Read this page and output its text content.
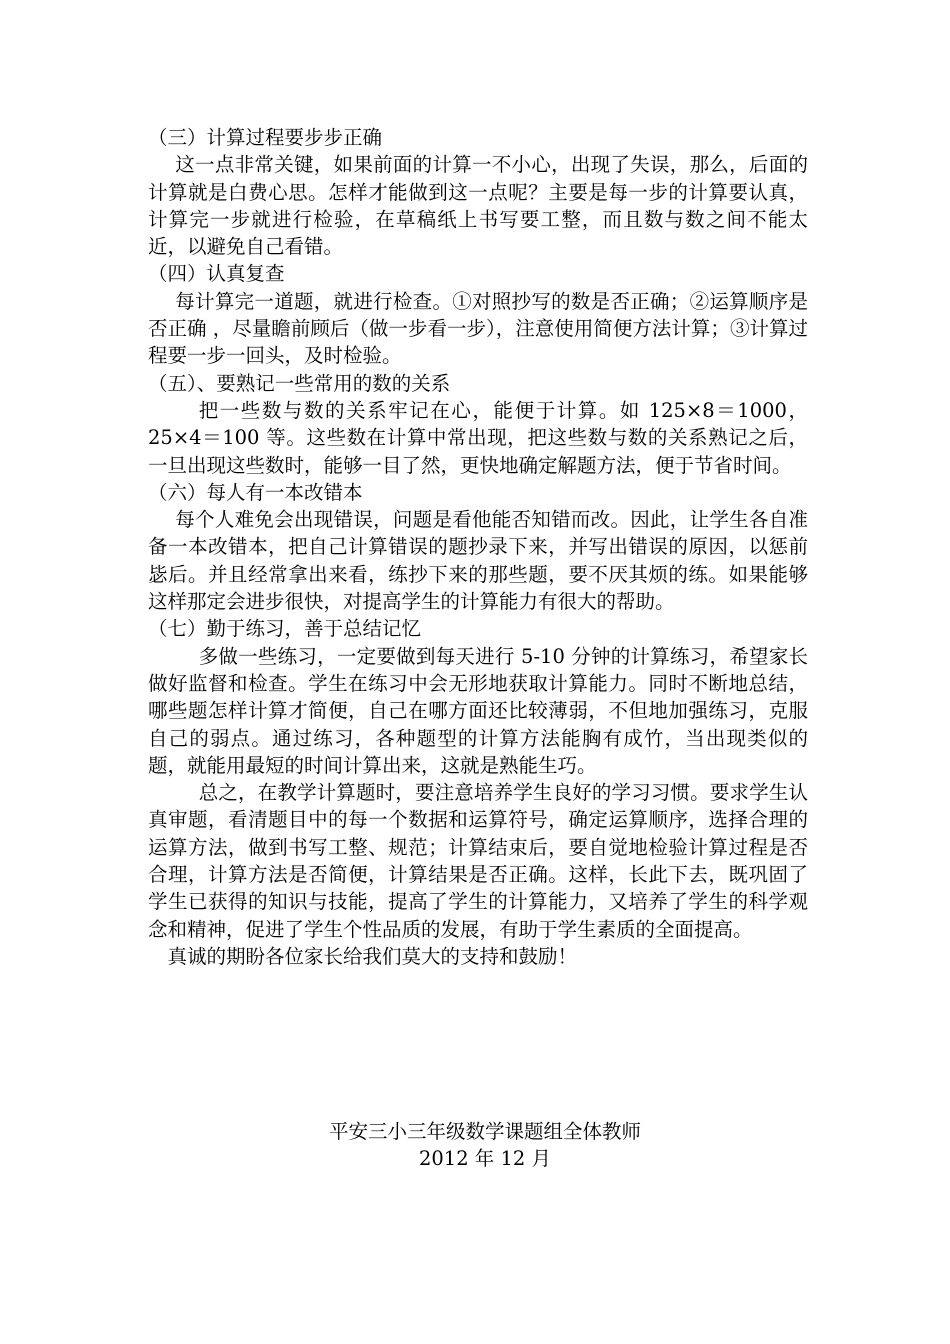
（三）计算过程要步步正确

这一点非常关键，如果前面的计算一不小心，出现了失误，那么，后面的计算就是白费心思。怎样才能做到这一点呢？主要是每一步的计算要认真，计算完一步就进行检验，在草稿纸上书写要工整，而且数与数之间不能太近，以避免自己看错。

（四）认真复查

每计算完一道题，就进行检查。①对照抄写的数是否正确；②运算顺序是否正确 ，尽量瞻前顾后（做一步看一步），注意使用简便方法计算；③计算过程要一步一回头，及时检验。

（五）、要熟记一些常用的数的关系

把一些数与数的关系牢记在心，能便于计算。如 125×8＝1000，25×4＝100 等。这些数在计算中常出现，把这些数与数的关系熟记之后，一旦出现这些数时，能够一目了然，更快地确定解题方法，便于节省时间。

（六）每人有一本改错本

每个人难免会出现错误，问题是看他能否知错而改。因此，让学生各自准备一本改错本，把自己计算错误的题抄录下来，并写出错误的原因，以惩前毖后。并且经常拿出来看，练抄下来的那些题，要不厌其烦的练。如果能够这样那定会进步很快，对提高学生的计算能力有很大的帮助。

（七）勤于练习，善于总结记忆

多做一些练习，一定要做到每天进行 5-10 分钟的计算练习，希望家长做好监督和检查。学生在练习中会无形地获取计算能力。同时不断地总结，哪些题怎样计算才简便，自己在哪方面还比较薄弱，不但地加强练习，克服自己的弱点。通过练习，各种题型的计算方法能胸有成竹，当出现类似的题，就能用最短的时间计算出来，这就是熟能生巧。

总之，在教学计算题时，要注意培养学生良好的学习习惯。要求学生认真审题，看清题目中的每一个数据和运算符号，确定运算顺序，选择合理的运算方法，做到书写工整、规范；计算结束后，要自觉地检验计算过程是否合理，计算方法是否简便，计算结果是否正确。这样，长此下去，既巩固了学生已获得的知识与技能，提高了学生的计算能力，又培养了学生的科学观念和精神，促进了学生个性品质的发展，有助于学生素质的全面提高。

真诚的期盼各位家长给我们莫大的支持和鼓励！

平安三小三年级数学课题组全体教师
2012 年 12 月
